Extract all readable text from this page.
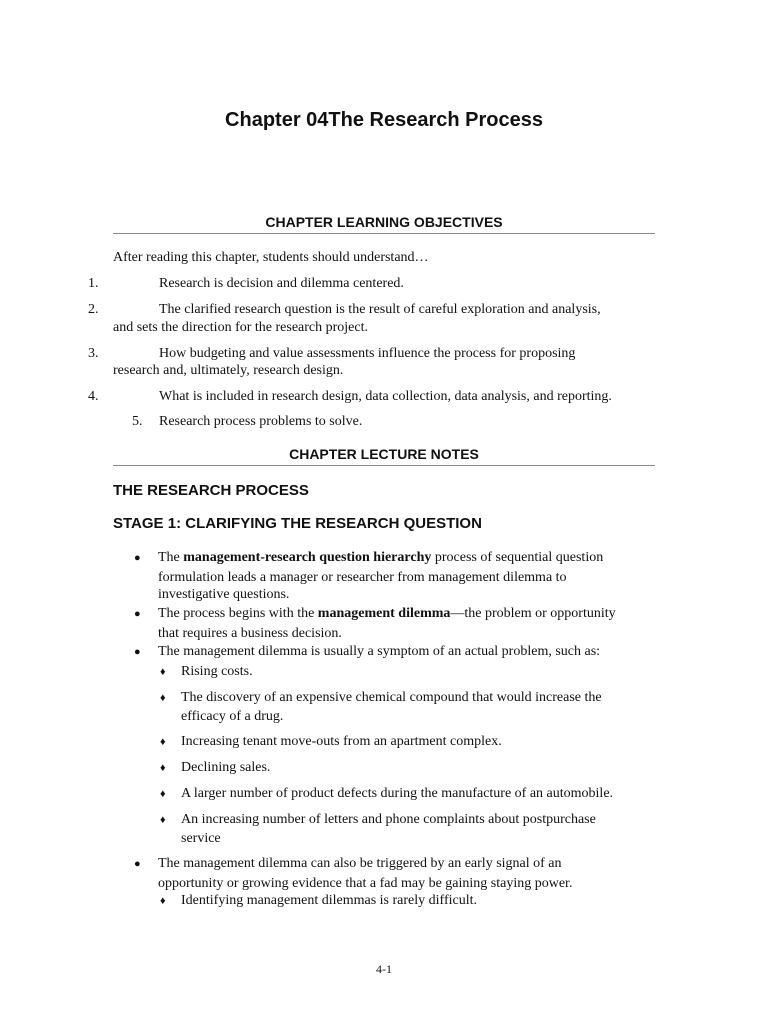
Chapter 04The Research Process
CHAPTER LEARNING OBJECTIVES
After reading this chapter, students should understand…
1.	Research is decision and dilemma centered.
2.	The clarified research question is the result of careful exploration and analysis,
and sets the direction for the research project.
3.	How budgeting and value assessments influence the process for proposing
research and, ultimately, research design.
4.	What is included in research design, data collection, data analysis, and reporting.
5. Research process problems to solve.
CHAPTER LECTURE NOTES
THE RESEARCH PROCESS
STAGE 1: CLARIFYING THE RESEARCH QUESTION
● The management-research question hierarchy process of sequential question
formulation leads a manager or researcher from management dilemma to
investigative questions.
● The process begins with the management dilemma—the problem or opportunity
that requires a business decision.
● The management dilemma is usually a symptom of an actual problem, such as:
♦ Rising costs.
♦ The discovery of an expensive chemical compound that would increase the
efficacy of a drug.
♦ Increasing tenant move-outs from an apartment complex.
♦ Declining sales.
♦ A larger number of product defects during the manufacture of an automobile.
♦ An increasing number of letters and phone complaints about postpurchase
service
● The management dilemma can also be triggered by an early signal of an
opportunity or growing evidence that a fad may be gaining staying power.
♦ Identifying management dilemmas is rarely difficult.
4-1
